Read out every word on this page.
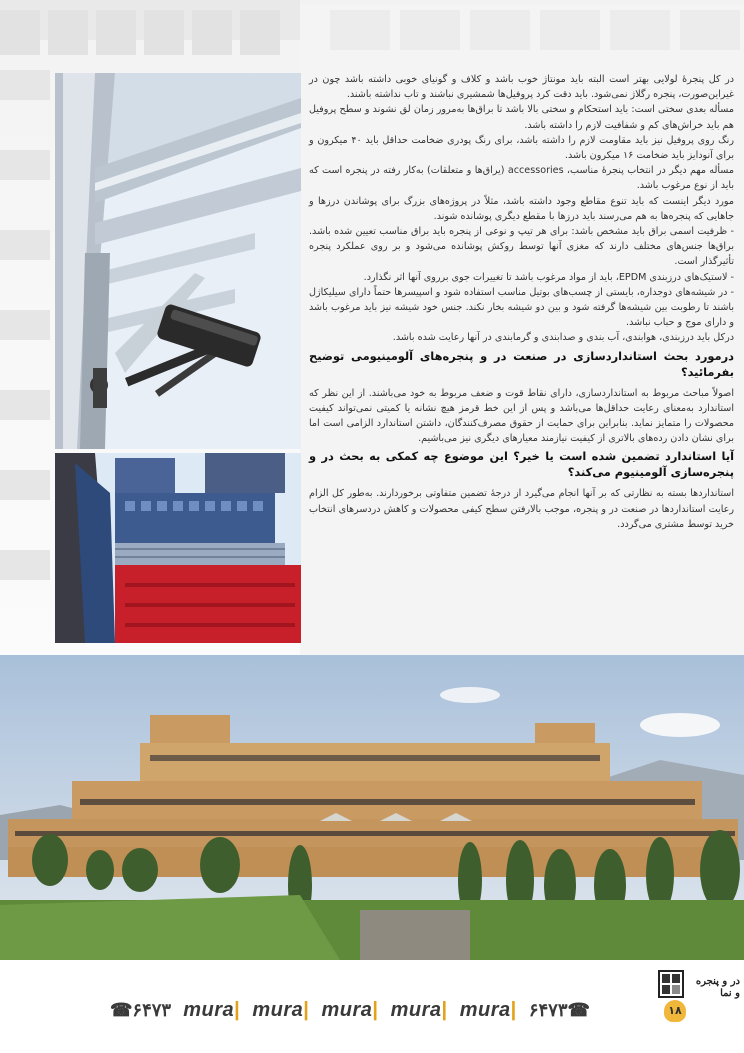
در کل پنجرهٔ لولایی بهتر است البته باید مونتاژ خوب باشد و کلاف و گونیای خوبی داشته باشد چون در غیراین‌صورت، پنجره رگلاژ نمی‌شود. باید دقت کرد پروفیل‌ها شمشیری نباشند و تاب نداشته باشند.

مسأله بعدی سختی است: باید استحکام و سختی بالا باشد تا براق‌ها به‌مرور زمان لق نشوند و سطح پروفیل هم باید خراش‌های کم و شفافیت لازم را داشته باشد.

رنگ روی پروفیل نیز باید مقاومت لازم را داشته باشد، برای رنگ پودری ضخامت حداقل باید ۴۰ میکرون و برای آنودایز باید ضخامت ۱۶ میکرون باشد.

مسأله مهم دیگر در انتخاب پنجرهٔ مناسب، accessories (یراق‌ها و متعلقات) به‌کار رفته در پنجره است که باید از نوع مرغوب باشد.

مورد دیگر اینست که باید تنوع مقاطع وجود داشته باشد، مثلاً در پروژه‌های بزرگ برای پوشاندن درزها و جاهایی که پنجره‌ها به هم می‌رسند باید درزها با مقطع دیگری پوشانده شوند.

- ظرفیت اسمی براق باید مشخص باشد: برای هر تیپ و نوعی از پنجره باید براق مناسب تعیین شده باشد. براق‌ها جنس‌های مختلف دارند که مغزی آنها توسط روکش پوشانده می‌شود و بر روی عملکرد پنجره تأثیرگذار است.

- لاستیک‌های درزبندی EPDM، باید از مواد مرغوب باشد تا تغییرات جوی برروی آنها اثر نگذارد.

- در شیشه‌های دوجداره، بایستی از چسب‌های بوتیل مناسب استفاده شود و اسپیسرها حتماً دارای سیلیکاژل باشند تا رطوبت بین شیشه‌ها گرفته شود و بین دو شیشه بخار نکند. جنس خود شیشه نیز باید مرغوب باشد و دارای موج و حباب نباشد.

درکل باید درزبندی، هوابندی، آب بندی و صدابندی و گرمابندی در آنها رعایت شده باشد.

درمورد بحث استانداردسازی در صنعت در و پنجره‌های آلومینیومی توضیح بفرمائید؟

اصولاً مباحث مربوط به استانداردسازی، دارای نقاط قوت و ضعف مربوط به خود می‌باشند. از این نظر که استاندارد به‌معنای رعایت حداقل‌ها می‌باشد و پس از این خط قرمز هیچ نشانه یا کمیتی نمی‌تواند کیفیت محصولات را متمایز نماید. بنابراین برای حمایت از حقوق مصرف‌کنندگان، داشتن استاندارد الزامی است اما برای نشان دادن رده‌های بالاتری از کیفیت نیازمند معیارهای دیگری نیز می‌باشیم.

آیا استاندارد تضمین شده است یا خیر؟ این موضوع چه کمکی به بحث در و پنجره‌سازی آلومینیوم می‌کند؟

استانداردها بسته به نظارتی که بر آنها انجام می‌گیرد از درجهٔ تضمین متفاوتی برخوردارند. به‌طور کل الزام رعایت استانداردها در صنعت در و پنجره، موجب بالارفتن سطح کیفی محصولات و کاهش دردسرهای انتخاب خرید توسط مشتری می‌گردد.

☎۶۴۷۳ mura| mura| mura| mura| mura| ۶۴۷۳☎
در و پنجره و نما
۱۸
